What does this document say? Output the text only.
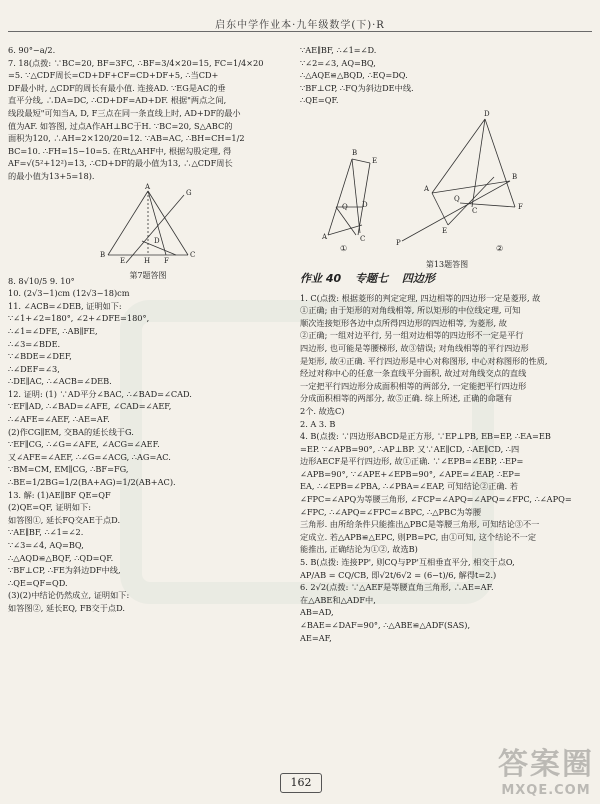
启东中学作业本·九年级数学(下)·R
6. 90°−a/2.
7. 18(点拨: ∵BC=20, BF=3FC, ∴BF=3/4×20=15, FC=1/4×20
=5. ∵△CDF周长=CD+DF+CF=CD+DF+5, ∴当CD+
DF最小时, △CDF的周长有最小值. 连接AD. ∵EG是AC的垂
直平分线, ∴DA=DC, ∴CD+DF=AD+DF. 根据"两点之间,
线段最短"可知当A, D, F三点在同一条直线上时, AD+DF的最小
值为AF. 如答图, 过点A作AH⊥BC于H. ∵BC=20, S△ABC的
面积为120, ∴AH=2×120/20=12. ∵AB=AC, ∴BH=CH=1/2
BC=10. ∴FH=15−10=5. 在Rt△AHF中, 根据勾股定理, 得
AF=√(5²+12²)=13, ∴CD+DF的最小值为13, ∴△CDF周长
的最小值为13+5=18).
A
B	C
H F
G
E
D
第7题答图
8. 8√10/5 9. 10°
10. (2√3−1)cm (12√3−18)cm
11. ∠ACB=∠DEB, 证明如下:
∵∠1+∠2=180°, ∠2+∠DFE=180°,
∴∠1=∠DFE, ∴AB∥FE,
∴∠3=∠BDE.
∵∠BDE=∠DEF,
∴∠DEF=∠3,
∴DE∥AC, ∴∠ACB=∠DEB.
12. 证明: (1) ∵AD平分∠BAC, ∴∠BAD=∠CAD.
∵EF∥AD, ∴∠BAD=∠AFE, ∠CAD=∠AEF,
∴∠AFE=∠AEF, ∴AE=AF.
(2)作CG∥EM, 交BA的延长线于G.
∵EF∥CG, ∴∠G=∠AFE, ∠ACG=∠AEF.
又∠AFE=∠AEF, ∴∠G=∠ACG, ∴AG=AC.
∵BM=CM, EM∥CG, ∴BF=FG,
∴BE=1/2BG=1/2(BA+AG)=1/2(AB+AC).
13. 解: (1)AE∥BF QE=QF
(2)QE=QF, 证明如下:
如答图①, 延长FQ交AE于点D.
∵AE∥BF, ∴∠1=∠2.
∵∠3=∠4, AQ=BQ,
∴△AQD≌△BQF, ∴QD=QF.
∵BF⊥CP, ∴FE为斜边DF中线,
∴QE=QF=QD.
(3)(2)中结论仍然成立, 证明如下:
如答图②, 延长EQ, FB交于点D.
∵AE∥BF, ∴∠1=∠D.
∵∠2=∠3, AQ=BQ,
∴△AQE≌△BQD, ∴EQ=DQ.
∵BF⊥CP, ∴FQ为斜边DE中线.
∴QE=QF.
B
E
A	C
Q D
D
B
P
A
E
C	F
Q
①	②
第13题答图
作业 40 专题七 四边形
1. C(点拨: 根据菱形的判定定理, 四边相等的四边形一定是菱形, 故
①正确; 由于矩形的对角线相等, 所以矩形的中位线定理, 可知
顺次连接矩形各边中点所得四边形的四边相等, 为菱形, 故
②正确; 一组对边平行, 另一组对边相等的四边形不一定是平行
四边形, 也可能是等腰梯形, 故③错误; 对角线相等的平行四边形
是矩形, 故④正确. 平行四边形是中心对称图形, 中心对称图形的性质,
经过对称中心的任意一条直线平分面积, 故过对角线交点的直线
一定把平行四边形分成面积相等的两部分, 一定能把平行四边形
分成面积相等的两部分, 故⑤正确. 综上所述, 正确的命题有
2个. 故选C)
2. A 3. B
4. B(点拨: ∵四边形ABCD是正方形, ∵EP⊥PB, EB=EP, ∴EA=EB
=EP. ∵∠APB=90°, ∴AP⊥BP. 又∵AE∥CD, ∴AE∥CD, ∴四
边形AECF是平行四边形, 故①正确. ∵∠EPB=∠EBP, ∴EP=
∠APB=90°, ∵∠APE+∠EPB=90°, ∠APE=∠EAP, ∴EP=
EA, ∴∠EPB=∠PBA, ∴∠PBA=∠EAP, 可知结论②正确. 若
∠FPC=∠APQ为等腰三角形, ∠FCP=∠APQ=∠APQ=∠FPC, ∴∠APQ=
∠FPC, ∴∠APQ=∠FPC=∠BPC, ∴△PBC为等腰
三角形. 由所给条件只能推出△PBC是等腰三角形, 可知结论③不一
定成立. 若△APB≌△EPC, 则PB=PC, 由①可知, 这个结论不一定
能推出, 正确结论为①②, 故选B)
5. B(点拨: 连接PP', 则CQ与PP'互相垂直平分, 相交于点O,
AP/AB = CQ/CB, 即√2t/6√2 = (6−t)/6, 解得t=2.)
6. 2√2(点拨: ∵△AEF是等腰直角三角形, ∴AE=AF.
在△ABE和△ADF中,
AB=AD,
∠BAE=∠DAF=90°, ∴△ABE≌△ADF(SAS),
AE=AF,
162
答案圈
MXQE.COM
